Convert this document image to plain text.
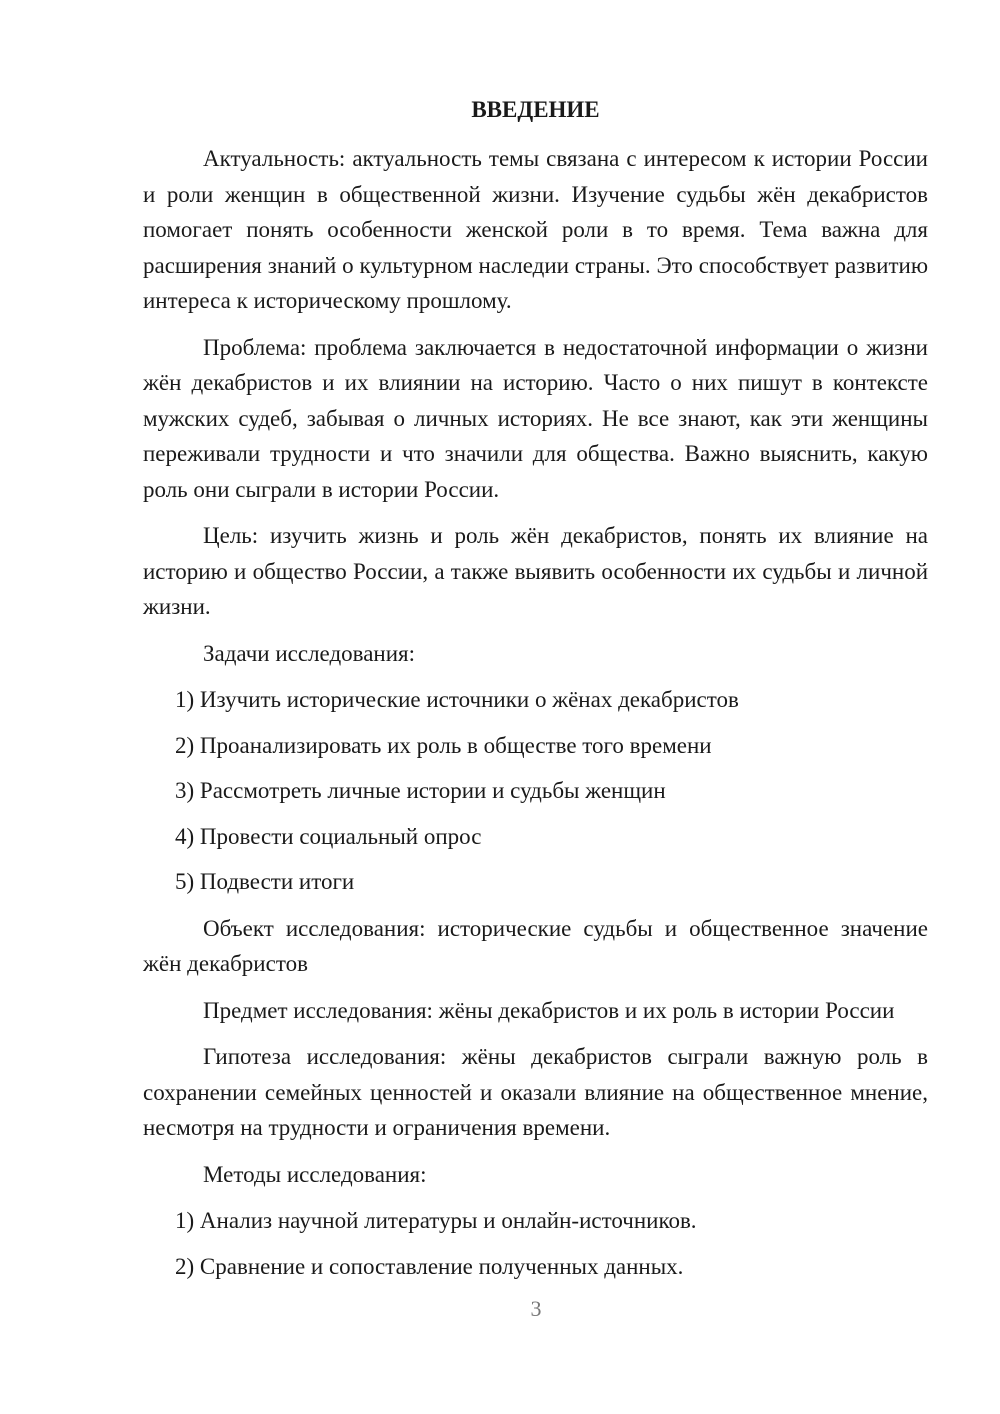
ВВЕДЕНИЕ

Актуальность: актуальность темы связана с интересом к истории России и роли женщин в общественной жизни. Изучение судьбы жён декабристов помогает понять особенности женской роли в то время. Тема важна для расширения знаний о культурном наследии страны. Это способствует развитию интереса к историческому прошлому.

Проблема: проблема заключается в недостаточной информации о жизни жён декабристов и их влиянии на историю. Часто о них пишут в контексте мужских судеб, забывая о личных историях. Не все знают, как эти женщины переживали трудности и что значили для общества. Важно выяснить, какую роль они сыграли в истории России.

Цель: изучить жизнь и роль жён декабристов, понять их влияние на историю и общество России, а также выявить особенности их судьбы и личной жизни.

Задачи исследования:

1) Изучить исторические источники о жёнах декабристов
2) Проанализировать их роль в обществе того времени
3) Рассмотреть личные истории и судьбы женщин
4) Провести социальный опрос
5) Подвести итоги

Объект исследования: исторические судьбы и общественное значение жён декабристов

Предмет исследования: жёны декабристов и их роль в истории России

Гипотеза исследования: жёны декабристов сыграли важную роль в сохранении семейных ценностей и оказали влияние на общественное мнение, несмотря на трудности и ограничения времени.

Методы исследования:

1) Анализ научной литературы и онлайн-источников.
2) Сравнение и сопоставление полученных данных.
3
